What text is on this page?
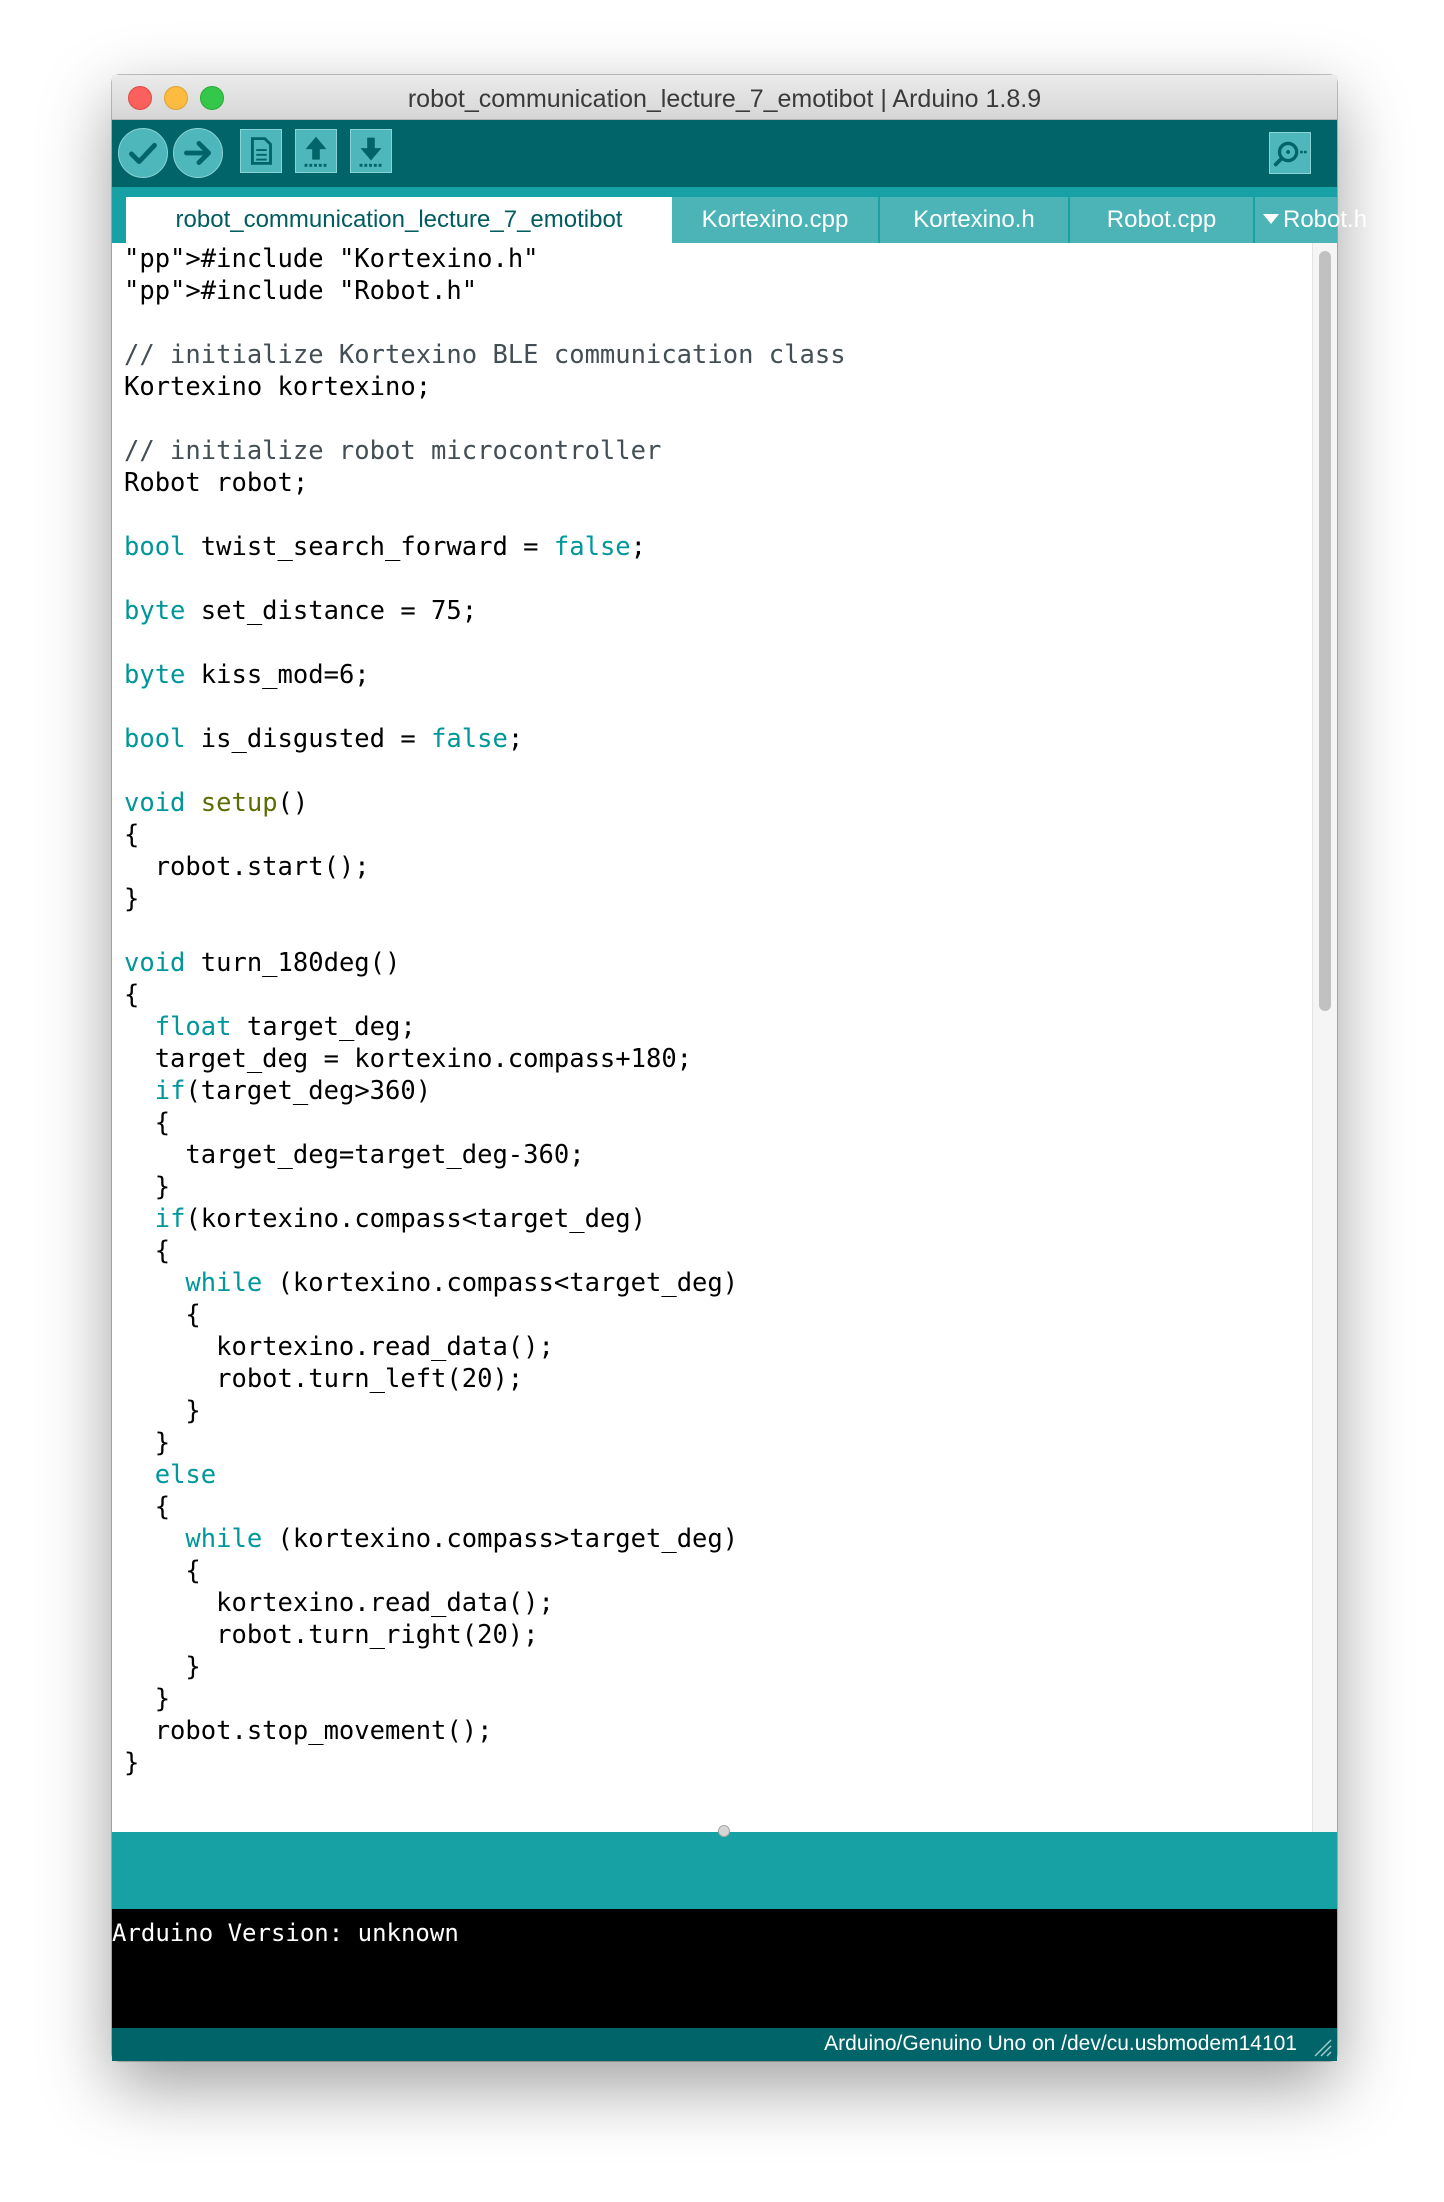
robot_communication_lecture_7_emotibot | Arduino 1.8.9
robot_communication_lecture_7_emotibot	Kortexino.cpp	Kortexino.h	Robot.cpp	Robot.h
"pp">#include "Kortexino.h"
"pp">#include "Robot.h"
// initialize Kortexino BLE communication class
Kortexino kortexino;
// initialize robot microcontroller
Robot robot;
bool twist_search_forward = false;
byte set_distance = 75;
byte kiss_mod=6;
bool is_disgusted = false;
void setup()
{
robot.start();
}
void turn_180deg()
{
float target_deg;
target_deg = kortexino.compass+180;
if(target_deg>360)
{
target_deg=target_deg-360;
}
if(kortexino.compass<target_deg)
{
while (kortexino.compass<target_deg)
{
kortexino.read_data();
robot.turn_left(20);
}
}
else
{
while (kortexino.compass>target_deg)
{
kortexino.read_data();
robot.turn_right(20);
}
}
robot.stop_movement();
}
Arduino Version: unknown
Arduino/Genuino Uno on /dev/cu.usbmodem14101
